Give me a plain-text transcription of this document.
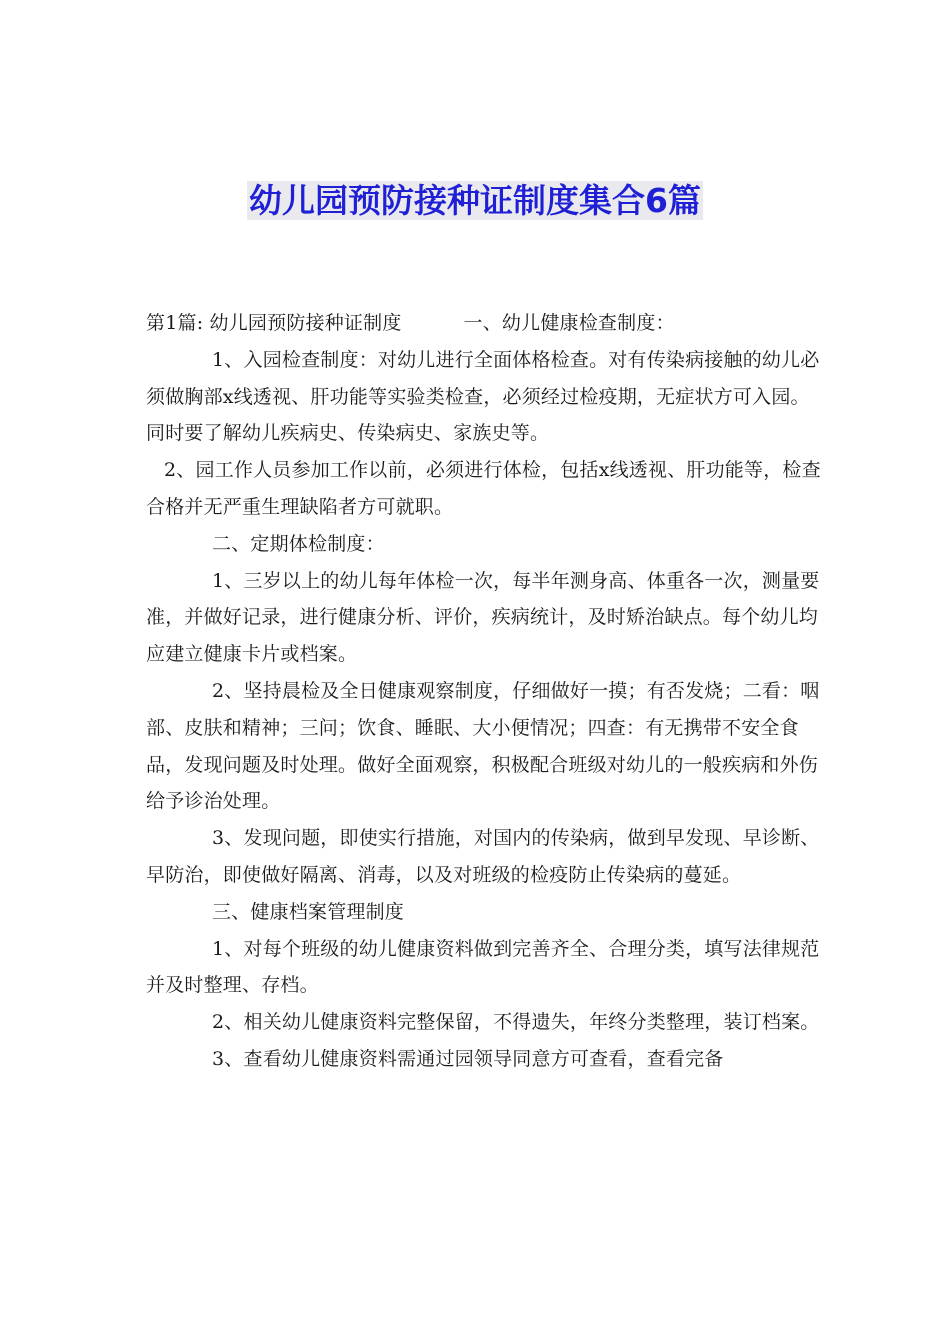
幼儿园预防接种证制度集合6篇

第1篇: 幼儿园预防接种证制度	一、幼儿健康检查制度：

1、入园检查制度：对幼儿进行全面体格检查。对有传染病接触的幼儿必须做胸部x线透视、肝功能等实验类检查，必须经过检疫期，无症状方可入园。同时要了解幼儿疾病史、传染病史、家族史等。

2、园工作人员参加工作以前，必须进行体检，包括x线透视、肝功能等，检查合格并无严重生理缺陷者方可就职。

二、定期体检制度：

1、三岁以上的幼儿每年体检一次，每半年测身高、体重各一次，测量要准，并做好记录，进行健康分析、评价，疾病统计，及时矫治缺点。每个幼儿均应建立健康卡片或档案。

2、坚持晨检及全日健康观察制度，仔细做好一摸；有否发烧；二看：咽部、皮肤和精神；三问；饮食、睡眠、大小便情况；四查：有无携带不安全食品，发现问题及时处理。做好全面观察，积极配合班级对幼儿的一般疾病和外伤给予诊治处理。

3、发现问题，即使实行措施，对国内的传染病，做到早发现、早诊断、早防治，即使做好隔离、消毒，以及对班级的检疫防止传染病的蔓延。

三、健康档案管理制度

1、对每个班级的幼儿健康资料做到完善齐全、合理分类，填写法律规范并及时整理、存档。

2、相关幼儿健康资料完整保留，不得遗失，年终分类整理，装订档案。

3、查看幼儿健康资料需通过园领导同意方可查看，查看完备
